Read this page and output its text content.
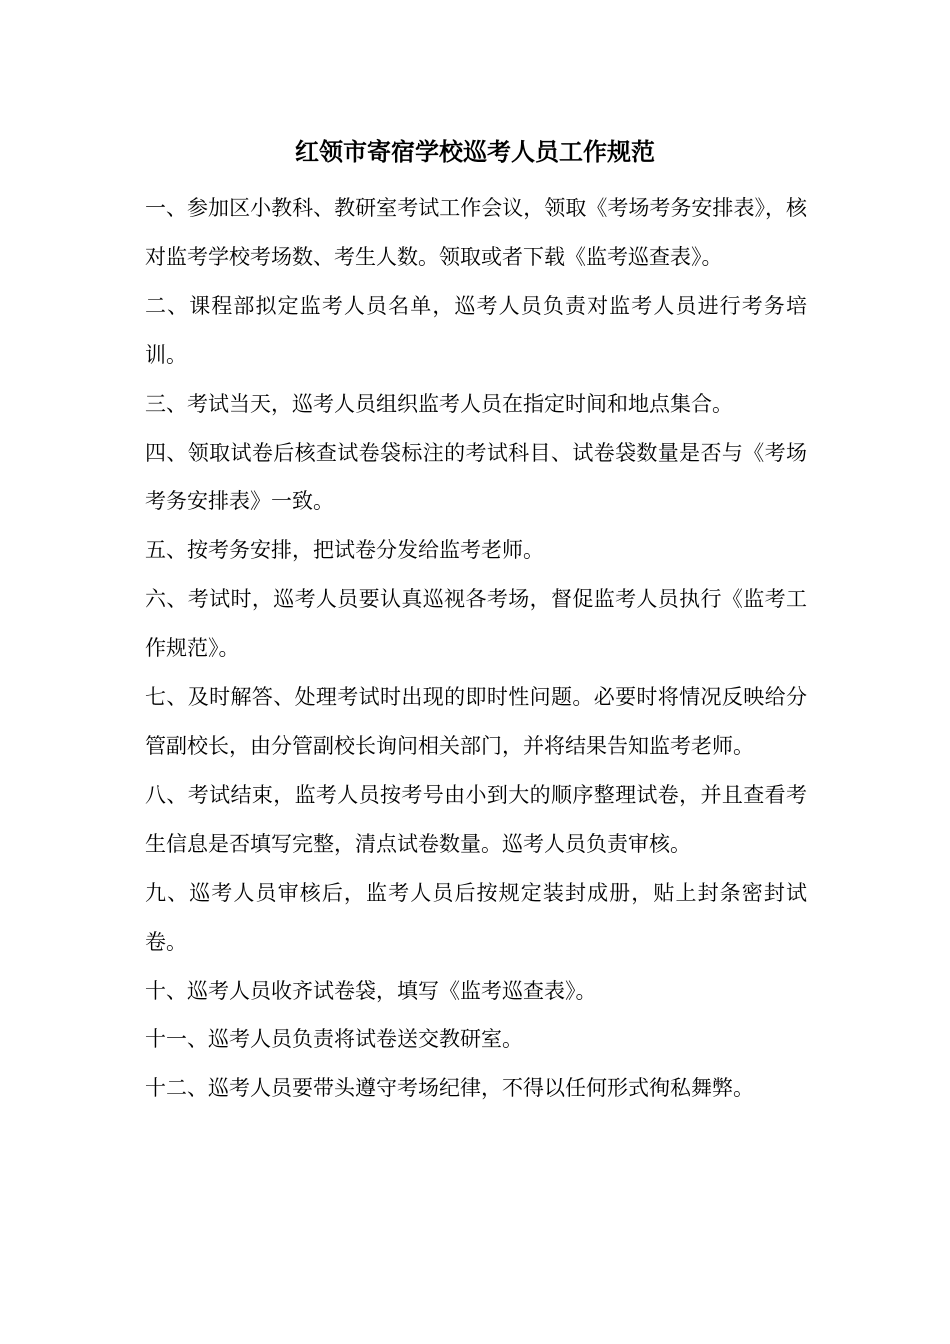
红领市寄宿学校巡考人员工作规范

一、参加区小教科、教研室考试工作会议，领取《考场考务安排表》，核对监考学校考场数、考生人数。领取或者下载《监考巡查表》。

二、课程部拟定监考人员名单，巡考人员负责对监考人员进行考务培训。

三、考试当天，巡考人员组织监考人员在指定时间和地点集合。

四、领取试卷后核查试卷袋标注的考试科目、试卷袋数量是否与《考场考务安排表》一致。

五、按考务安排，把试卷分发给监考老师。

六、考试时，巡考人员要认真巡视各考场，督促监考人员执行《监考工作规范》。

七、及时解答、处理考试时出现的即时性问题。必要时将情况反映给分管副校长，由分管副校长询问相关部门，并将结果告知监考老师。

八、考试结束，监考人员按考号由小到大的顺序整理试卷，并且查看考生信息是否填写完整，清点试卷数量。巡考人员负责审核。

九、巡考人员审核后，监考人员后按规定装封成册，贴上封条密封试卷。

十、巡考人员收齐试卷袋，填写《监考巡查表》。

十一、巡考人员负责将试卷送交教研室。

十二、巡考人员要带头遵守考场纪律，不得以任何形式徇私舞弊。
